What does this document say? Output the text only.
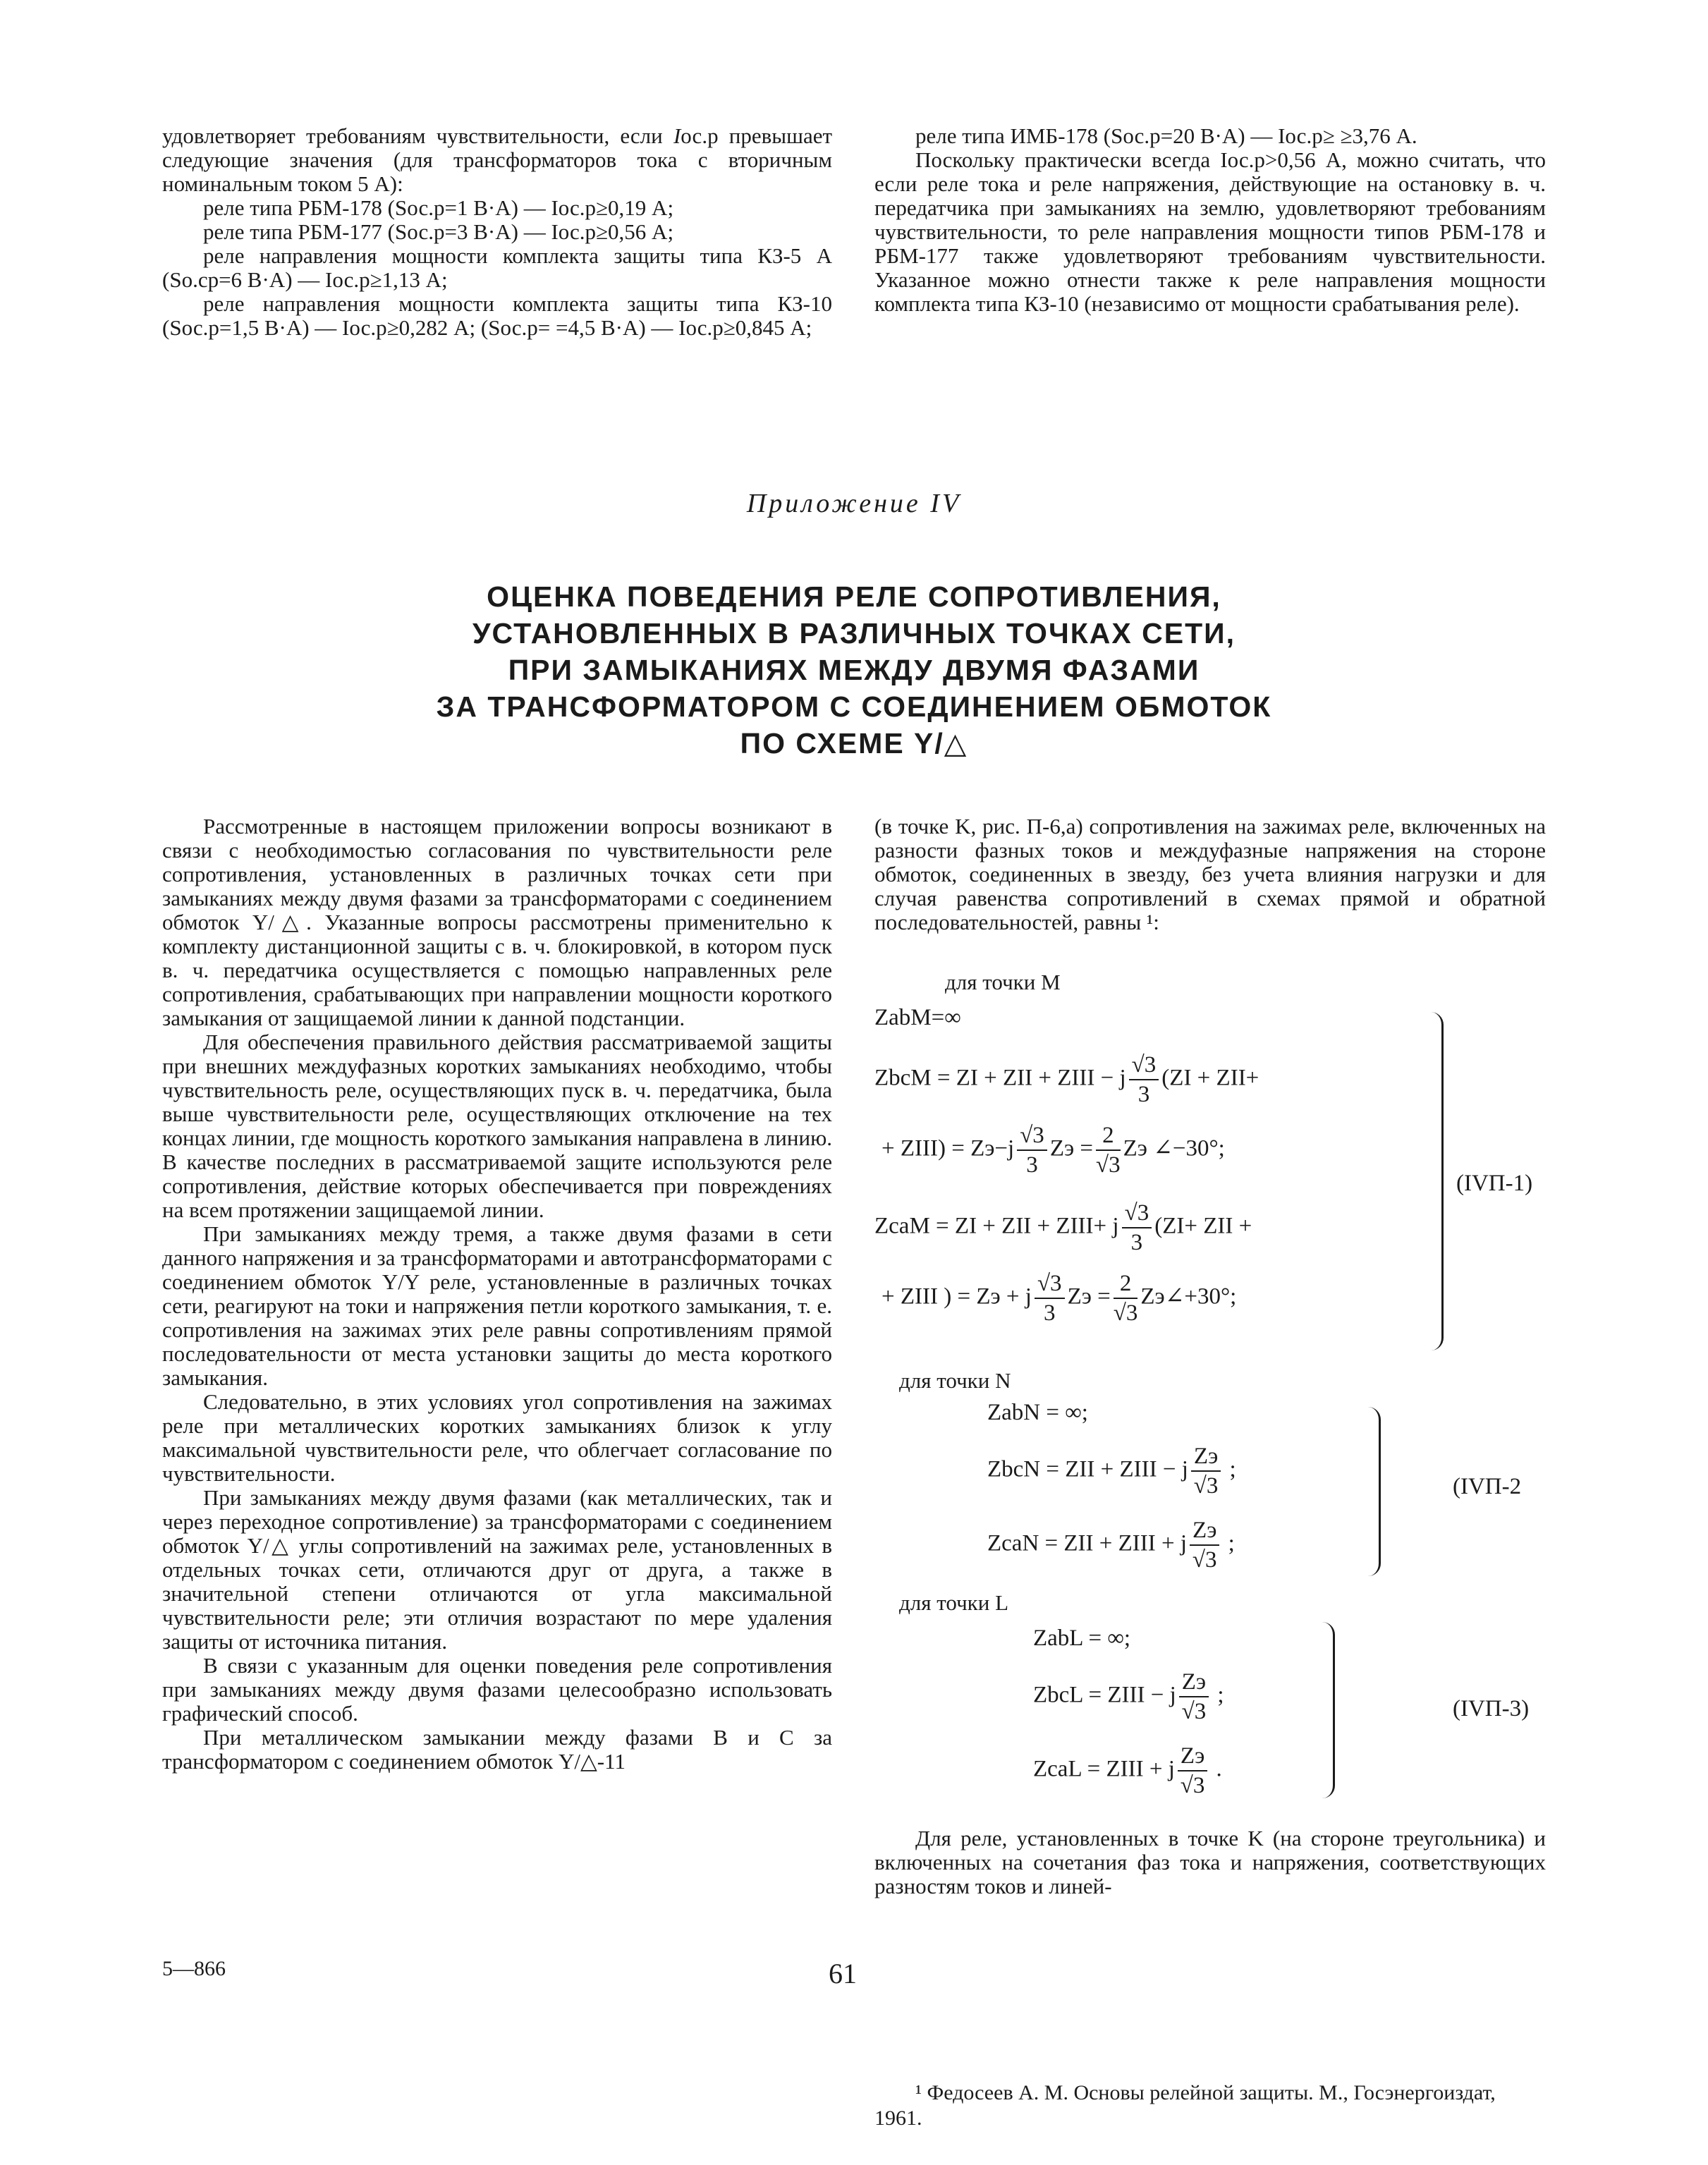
удовлетворяет требованиям чувствительности, если Iос.р превышает следующие значения (для трансформаторов тока с вторичным номинальным током 5 А):

реле типа РБМ-178 (Sос.р=1 В·А) — Iос.р≥0,19 А;

реле типа РБМ-177 (Sос.р=3 В·А) — Iос.р≥0,56 А;

реле направления мощности комплекта защиты типа КЗ-5 А (Sо.ср=6 В·А) — Iос.р≥1,13 А;

реле направления мощности комплекта защиты типа КЗ-10 (Sос.р=1,5 В·А) — Iос.р≥0,282 А; (Sос.р= =4,5 В·А) — Iос.р≥0,845 А;

реле типа ИМБ-178 (Sос.р=20 В·А) — Iос.р≥ ≥3,76 А.

Поскольку практически всегда Iос.р>0,56 А, можно считать, что если реле тока и реле напряжения, действующие на остановку в. ч. передатчика при замыканиях на землю, удовлетворяют требованиям чувствительности, то реле направления мощности типов РБМ-178 и РБМ-177 также удовлетворяют требованиям чувствительности. Указанное можно отнести также к реле направления мощности комплекта типа КЗ-10 (независимо от мощности срабатывания реле).

Приложение IV
ОЦЕНКА ПОВЕДЕНИЯ РЕЛЕ СОПРОТИВЛЕНИЯ,
УСТАНОВЛЕННЫХ В РАЗЛИЧНЫХ ТОЧКАХ СЕТИ,
ПРИ ЗАМЫКАНИЯХ МЕЖДУ ДВУМЯ ФАЗАМИ
ЗА ТРАНСФОРМАТОРОМ С СОЕДИНЕНИЕМ ОБМОТОК
ПО СХЕМЕ Y/△

Рассмотренные в настоящем приложении вопросы возникают в связи с необходимостью согласования по чувствительности реле сопротивления, установленных в различных точках сети при замыканиях между двумя фазами за трансформаторами с соединением обмоток Y/△. Указанные вопросы рассмотрены применительно к комплекту дистанционной защиты с в. ч. блокировкой, в котором пуск в. ч. передатчика осуществляется с помощью направленных реле сопротивления, срабатывающих при направлении мощности короткого замыкания от защищаемой линии к данной подстанции.

Для обеспечения правильного действия рассматриваемой защиты при внешних междуфазных коротких замыканиях необходимо, чтобы чувствительность реле, осуществляющих пуск в. ч. передатчика, была выше чувствительности реле, осуществляющих отключение на тех концах линии, где мощность короткого замыкания направлена в линию. В качестве последних в рассматриваемой защите используются реле сопротивления, действие которых обеспечивается при повреждениях на всем протяжении защищаемой линии.

При замыканиях между тремя, а также двумя фазами в сети данного напряжения и за трансформаторами и автотрансформаторами с соединением обмоток Y/Y реле, установленные в различных точках сети, реагируют на токи и напряжения петли короткого замыкания, т. е. сопротивления на зажимах этих реле равны сопротивлениям прямой последовательности от места установки защиты до места короткого замыкания.

Следовательно, в этих условиях угол сопротивления на зажимах реле при металлических коротких замыканиях близок к углу максимальной чувствительности реле, что облегчает согласование по чувствительности.

При замыканиях между двумя фазами (как металлических, так и через переходное сопротивление) за трансформаторами с соединением обмоток Y/△ углы сопротивлений на зажимах реле, установленных в отдельных точках сети, отличаются друг от друга, а также в значительной степени отличаются от угла максимальной чувствительности реле; эти отличия возрастают по мере удаления защиты от источника питания.

В связи с указанным для оценки поведения реле сопротивления при замыканиях между двумя фазами целесообразно использовать графический способ.

При металлическом замыкании между фазами B и C за трансформатором с соединением обмоток Y/△-11

(в точке K, рис. П-6,а) сопротивления на зажимах реле, включенных на разности фазных токов и междуфазные напряжения на стороне обмоток, соединенных в звезду, без учета влияния нагрузки и для случая равенства сопротивлений в схемах прямой и обратной последовательностей, равны ¹:

для точки M
ZabM=∞
ZbcM = ZI + ZII + ZIII − j $\frac{√3}{3} (ZI + ZII+$
+ ZIII) = $Zэ-j \frac{√3}{3}$ Zэ = $\frac{2}{√3}$ Zэ ∠−30°;
ZcaM = ZI + ZII + ZIII+ j $\frac{√3}{3} (ZI+$ ZII +
+ ZIII ) = Zэ + j $\frac{√3}{3}$ Zэ = $\frac{2}{√3}$ Zэ∠+30°;
(IVП-1)
для точки N
ZabN = ∞;
ZbcN = ZII + ZIII − j $\frac{Zэ}{√3}$ ;
ZcaN = ZII + ZIII + j $\frac{Zэ}{√3}$ ;
(IVП-2
для точки L
ZabL = ∞;
ZbcL = ZIII − j $\frac{Zэ}{√3}$ ;
ZcaL = ZIII + j $\frac{Zэ}{√3}$ .
(IVП-3)

Для реле, установленных в точке K (на стороне треугольника) и включенных на сочетания фаз тока и напряжения, соответствующих разностям токов и линей-

¹ Федосеев А. М. Основы релейной защиты. М., Госэнергоиздат, 1961.

5—866	61
